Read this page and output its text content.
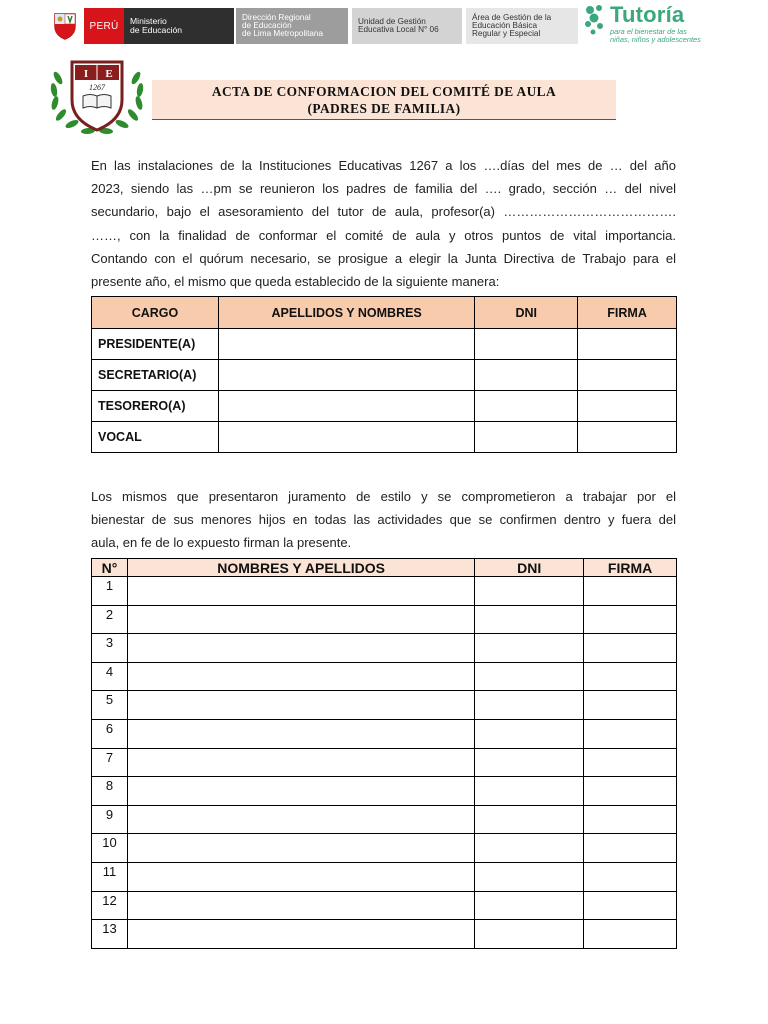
PERÚ	Ministerio
de Educación
Dirección Regional
de Educación
de Lima Metropolitana
Unidad de Gestión
Educativa Local N° 06
Área de Gestión de la
Educación Básica
Regular y Especial
Tutoría
para el bienestar de las
niñas, niños y adolescentes
I E
1267	ACTA DE CONFORMACION DEL COMITÉ DE AULA
(PADRES DE FAMILIA)
En las instalaciones de la Instituciones Educativas 1267 a los ….días del mes de … del año
2023, siendo las …pm se reunieron los padres de familia del …. grado, sección … del nivel
secundario, bajo el asesoramiento del tutor de aula, profesor(a) ………………………………….
……, con la finalidad de conformar el comité de aula y otros puntos de vital importancia.
Contando con el quórum necesario, se prosigue a elegir la Junta Directiva de Trabajo para el
presente año, el mismo que queda establecido de la siguiente manera:
CARGO	APELLIDOS Y NOMBRES	DNI	FIRMA
PRESIDENTE(A)			
SECRETARIO(A)			
TESORERO(A)			
VOCAL			
Los mismos que presentaron juramento de estilo y se comprometieron a trabajar por el
bienestar de sus menores hijos en todas las actividades que se confirmen dentro y fuera del
aula, en fe de lo expuesto firman la presente.
N°	NOMBRES Y APELLIDOS	DNI	FIRMA
1			
2			
3			
4			
5			
6			
7			
8			
9			
10			
11			
12			
13			
